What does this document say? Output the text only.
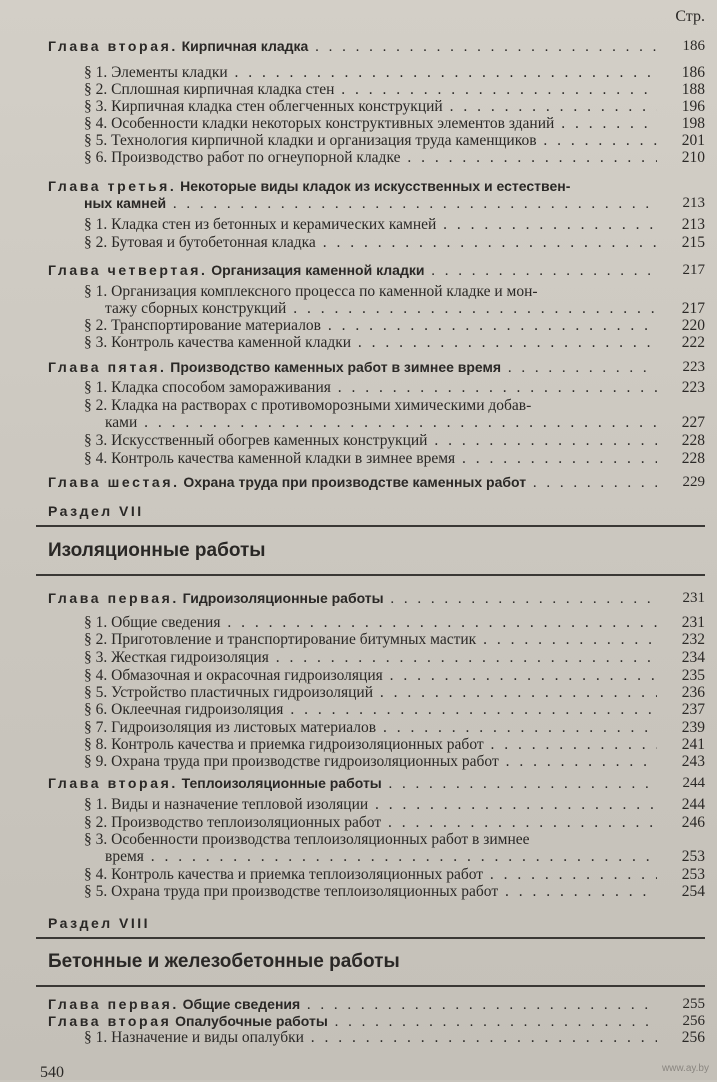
Стр.
Глава вторая. Кирпичная кладка . . .	186
§ 1. Элементы кладки . . .	186
§ 2. Сплошная кирпичная кладка стен . . .	188
§ 3. Кирпичная кладка стен облегченных конструкций . . .	196
§ 4. Особенности кладки некоторых конструктивных элементов зданий . . .	198
§ 5. Технология кирпичной кладки и организация труда каменщиков . . .	201
§ 6. Производство работ по огнеупорной кладке . . .	210
Глава третья. Некоторые виды кладок из искусственных и естествен-
ных камней . . .	213
§ 1. Кладка стен из бетонных и керамических камней . . .	213
§ 2. Бутовая и бутобетонная кладка . . .	215
Глава четвертая. Организация каменной кладки . . .	217
§ 1. Организация комплексного процесса по каменной кладке и мон-
тажу сборных конструкций . . .	217
§ 2. Транспортирование материалов . . .	220
§ 3. Контроль качества каменной кладки . . .	222
Глава пятая. Производство каменных работ в зимнее время . . .	223
§ 1. Кладка способом замораживания . . .	223
§ 2. Кладка на растворах с противоморозными химическими добав-
ками . . .	227
§ 3. Искусственный обогрев каменных конструкций . . .	228
§ 4. Контроль качества каменной кладки в зимнее время . . .	228
Глава шестая. Охрана труда при производстве каменных работ . . .	229
Раздел VII
Изоляционные работы
Глава первая. Гидроизоляционные работы . . .	231
§ 1. Общие сведения . . .	231
§ 2. Приготовление и транспортирование битумных мастик . . .	232
§ 3. Жесткая гидроизоляция . . .	234
§ 4. Обмазочная и окрасочная гидроизоляция . . .	235
§ 5. Устройство пластичных гидроизоляций . . .	236
§ 6. Оклеечная гидроизоляция . . .	237
§ 7. Гидроизоляция из листовых материалов . . .	239
§ 8. Контроль качества и приемка гидроизоляционных работ . . .	241
§ 9. Охрана труда при производстве гидроизоляционных работ . . .	243
Глава вторая. Теплоизоляционные работы . . .	244
§ 1. Виды и назначение тепловой изоляции . . .	244
§ 2. Производство теплоизоляционных работ . . .	246
§ 3. Особенности производства теплоизоляционных работ в зимнее
время . . .	253
§ 4. Контроль качества и приемка теплоизоляционных работ . . .	253
§ 5. Охрана труда при производстве теплоизоляционных работ . . .	254
Раздел VIII
Бетонные и железобетонные работы
Глава первая. Общие сведения . . .	255
Глава вторая Опалубочные работы . . .	256
§ 1. Назначение и виды опалубки . . .	256
540	www.ay.by
